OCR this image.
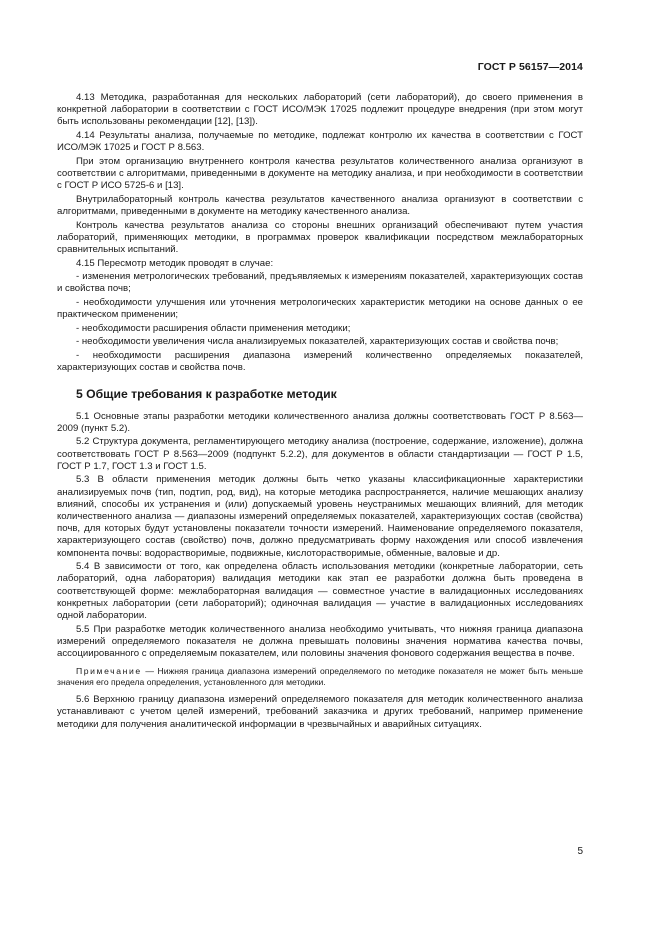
ГОСТ Р 56157—2014

4.13 Методика, разработанная для нескольких лабораторий (сети лабораторий), до своего применения в конкретной лаборатории в соответствии с ГОСТ ИСО/МЭК 17025 подлежит процедуре внедрения (при этом могут быть использованы рекомендации [12], [13]).

4.14 Результаты анализа, получаемые по методике, подлежат контролю их качества в соответствии с ГОСТ ИСО/МЭК 17025 и ГОСТ Р 8.563.

При этом организацию внутреннего контроля качества результатов количественного анализа организуют в соответствии с алгоритмами, приведенными в документе на методику анализа, и при необходимости в соответствии с ГОСТ Р ИСО 5725-6 и [13].

Внутрилабораторный контроль качества результатов качественного анализа организуют в соответствии с алгоритмами, приведенными в документе на методику качественного анализа.

Контроль качества результатов анализа со стороны внешних организаций обеспечивают путем участия лабораторий, применяющих методики, в программах проверок квалификации посредством межлабораторных сравнительных испытаний.

4.15 Пересмотр методик проводят в случае:

- изменения метрологических требований, предъявляемых к измерениям показателей, характеризующих состав и свойства почв;

- необходимости улучшения или уточнения метрологических характеристик методики на основе данных о ее практическом применении;

- необходимости расширения области применения методики;

- необходимости увеличения числа анализируемых показателей, характеризующих состав и свойства почв;

- необходимости расширения диапазона измерений количественно определяемых показателей, характеризующих состав и свойства почв.

5 Общие требования к разработке методик

5.1 Основные этапы разработки методики количественного анализа должны соответствовать ГОСТ Р 8.563—2009 (пункт 5.2).

5.2 Структура документа, регламентирующего методику анализа (построение, содержание, изложение), должна соответствовать ГОСТ Р 8.563—2009 (подпункт 5.2.2), для документов в области стандартизации — ГОСТ Р 1.5, ГОСТ Р 1.7, ГОСТ 1.3 и ГОСТ 1.5.

5.3 В области применения методик должны быть четко указаны классификационные характеристики анализируемых почв (тип, подтип, род, вид), на которые методика распространяется, наличие мешающих анализу влияний, способы их устранения и (или) допускаемый уровень неустранимых мешающих влияний, для методик количественного анализа — диапазоны измерений определяемых показателей, характеризующих состав (свойства) почв, для которых будут установлены показатели точности измерений. Наименование определяемого показателя, характеризующего состав (свойство) почв, должно предусматривать форму нахождения или способ извлечения компонента почвы: водорастворимые, подвижные, кислоторастворимые, обменные, валовые и др.

5.4 В зависимости от того, как определена область использования методики (конкретные лаборатории, сеть лабораторий, одна лаборатория) валидация методики как этап ее разработки должна быть проведена в соответствующей форме: межлабораторная валидация — совместное участие в валидационных исследованиях конкретных лаборатории (сети лабораторий); одиночная валидация — участие в валидационных исследованиях одной лаборатории.

5.5 При разработке методик количественного анализа необходимо учитывать, что нижняя граница диапазона измерений определяемого показателя не должна превышать половины значения норматива качества почвы, ассоциированного с определяемым показателем, или половины значения фонового содержания вещества в почве.

Примечание — Нижняя граница диапазона измерений определяемого по методике показателя не может быть меньше значения его предела определения, установленного для методики.

5.6 Верхнюю границу диапазона измерений определяемого показателя для методик количественного анализа устанавливают с учетом целей измерений, требований заказчика и других требований, например применение методики для получения аналитической информации в чрезвычайных и аварийных ситуациях.

5
